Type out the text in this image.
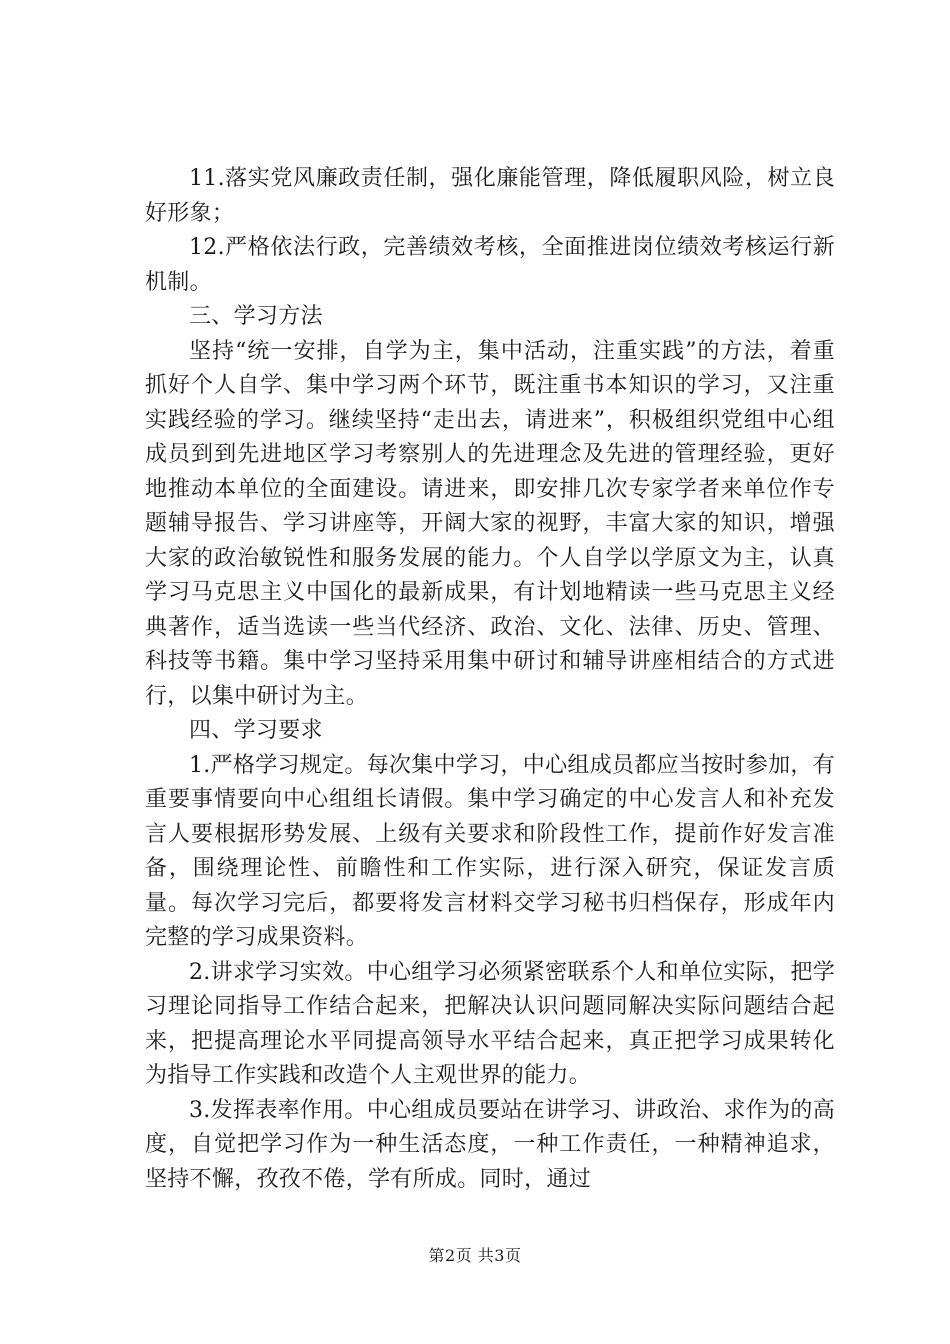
11.落实党风廉政责任制，强化廉能管理，降低履职风险，树立良好形象；

12.严格依法行政，完善绩效考核，全面推进岗位绩效考核运行新机制。

三、学习方法

坚持“统一安排，自学为主，集中活动，注重实践”的方法，着重抓好个人自学、集中学习两个环节，既注重书本知识的学习，又注重实践经验的学习。继续坚持“走出去，请进来”，积极组织党组中心组成员到到先进地区学习考察别人的先进理念及先进的管理经验，更好地推动本单位的全面建设。请进来，即安排几次专家学者来单位作专题辅导报告、学习讲座等，开阔大家的视野，丰富大家的知识，增强大家的政治敏锐性和服务发展的能力。个人自学以学原文为主，认真学习马克思主义中国化的最新成果，有计划地精读一些马克思主义经典著作，适当选读一些当代经济、政治、文化、法律、历史、管理、科技等书籍。集中学习坚持采用集中研讨和辅导讲座相结合的方式进行，以集中研讨为主。

四、学习要求

1.严格学习规定。每次集中学习，中心组成员都应当按时参加，有重要事情要向中心组组长请假。集中学习确定的中心发言人和补充发言人要根据形势发展、上级有关要求和阶段性工作，提前作好发言准备，围绕理论性、前瞻性和工作实际，进行深入研究，保证发言质量。每次学习完后，都要将发言材料交学习秘书归档保存，形成年内完整的学习成果资料。

2.讲求学习实效。中心组学习必须紧密联系个人和单位实际，把学习理论同指导工作结合起来，把解决认识问题同解决实际问题结合起来，把提高理论水平同提高领导水平结合起来，真正把学习成果转化为指导工作实践和改造个人主观世界的能力。

3.发挥表率作用。中心组成员要站在讲学习、讲政治、求作为的高度，自觉把学习作为一种生活态度，一种工作责任，一种精神追求，坚持不懈，孜孜不倦，学有所成。同时，通过

第2页 共3页
